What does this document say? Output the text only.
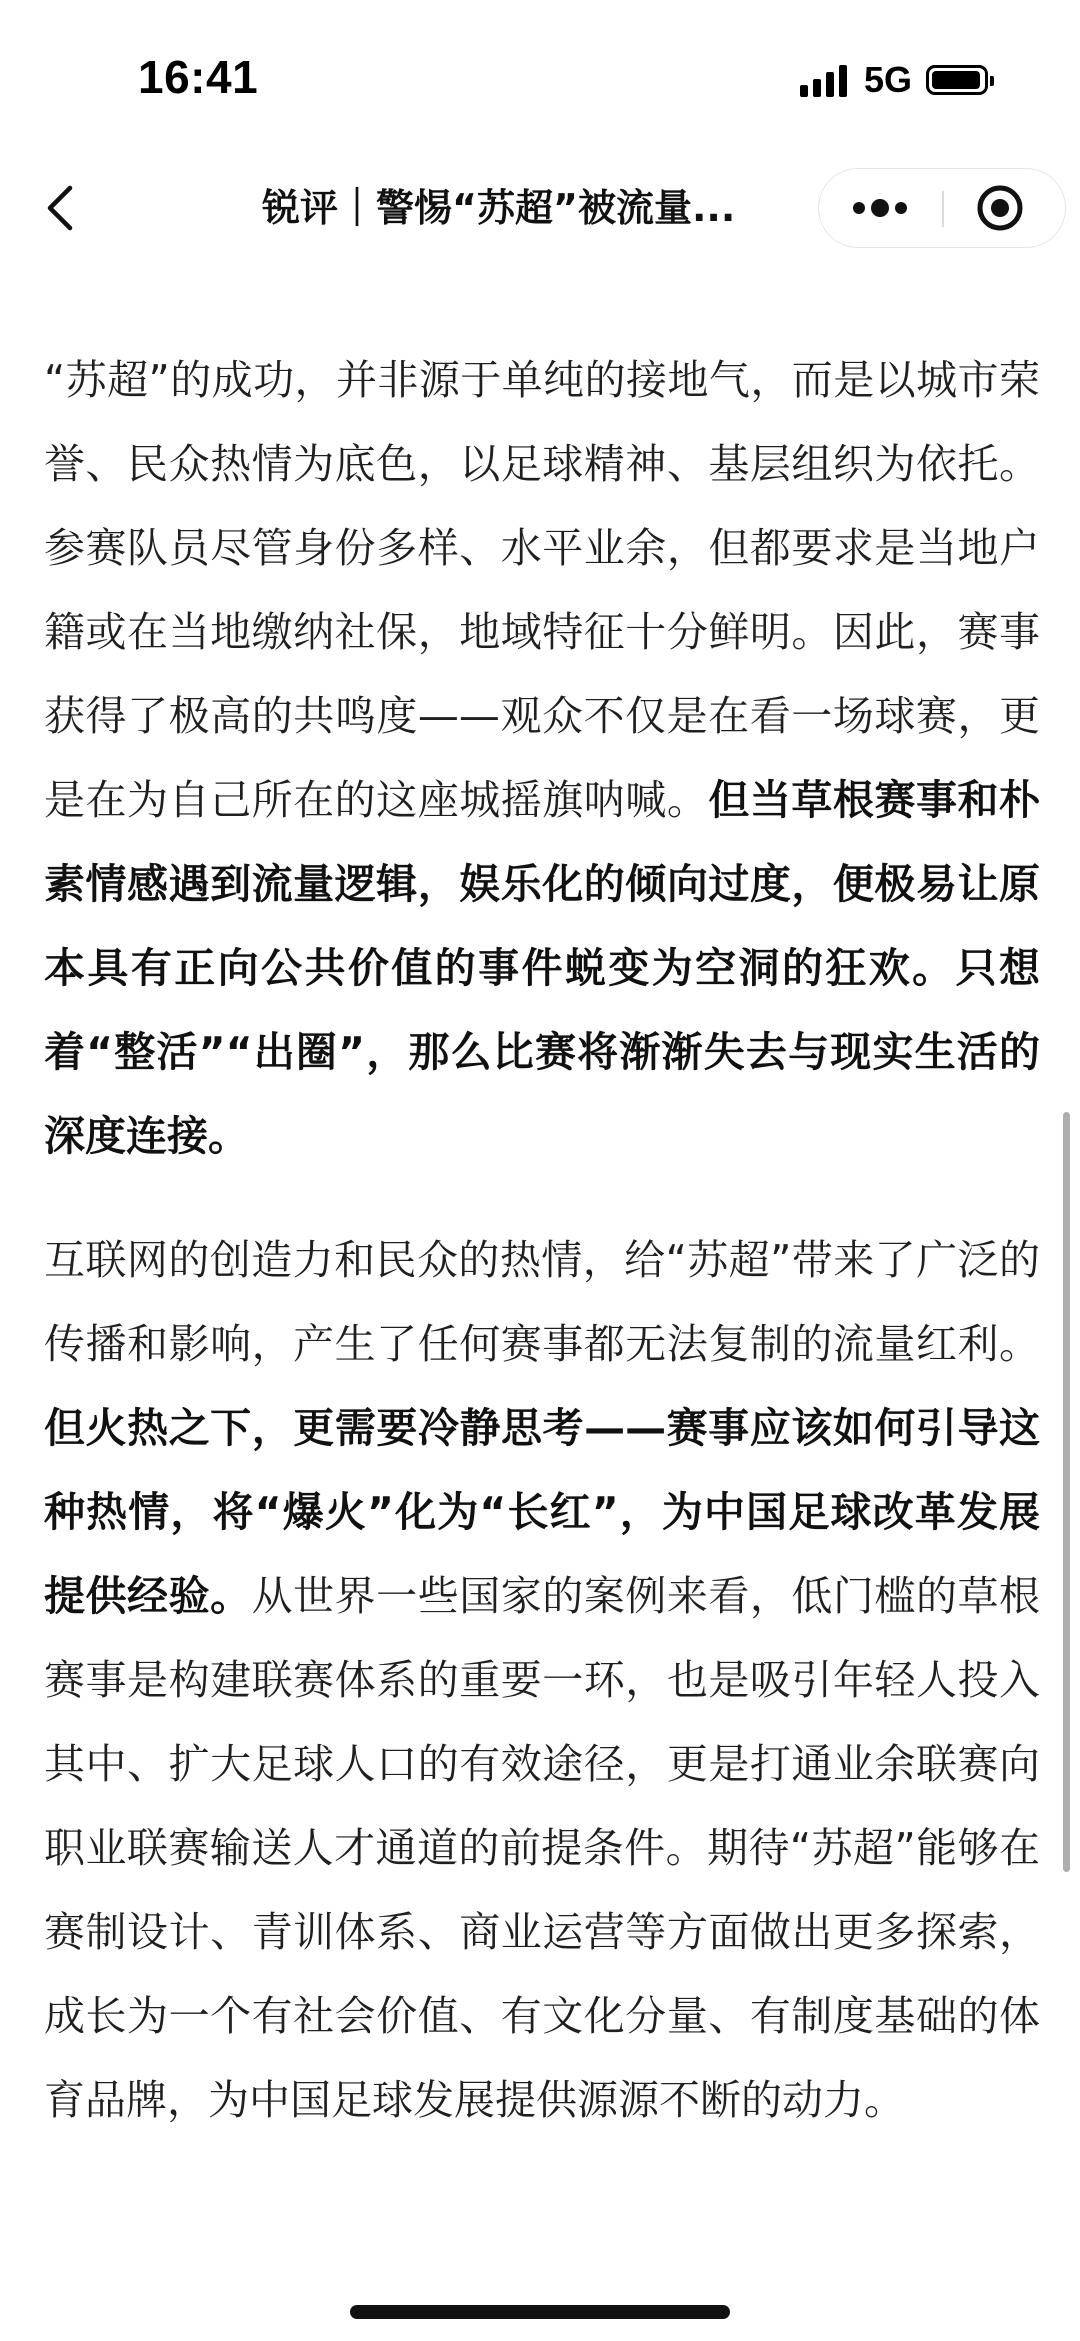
16:41	5G
锐评｜警惕“苏超”被流量...

“苏超”的成功，并非源于单纯的接地气，而是以城市荣誉、民众热情为底色，以足球精神、基层组织为依托。参赛队员尽管身份多样、水平业余，但都要求是当地户籍或在当地缴纳社保，地域特征十分鲜明。因此，赛事获得了极高的共鸣度——观众不仅是在看一场球赛，更是在为自己所在的这座城摇旗呐喊。但当草根赛事和朴素情感遇到流量逻辑，娱乐化的倾向过度，便极易让原本具有正向公共价值的事件蜕变为空洞的狂欢。只想着“整活”“出圈”，那么比赛将渐渐失去与现实生活的深度连接。

互联网的创造力和民众的热情，给“苏超”带来了广泛的传播和影响，产生了任何赛事都无法复制的流量红利。但火热之下，更需要冷静思考——赛事应该如何引导这种热情，将“爆火”化为“长红”，为中国足球改革发展提供经验。从世界一些国家的案例来看，低门槛的草根赛事是构建联赛体系的重要一环，也是吸引年轻人投入其中、扩大足球人口的有效途径，更是打通业余联赛向职业联赛输送人才通道的前提条件。期待“苏超”能够在赛制设计、青训体系、商业运营等方面做出更多探索，成长为一个有社会价值、有文化分量、有制度基础的体育品牌，为中国足球发展提供源源不断的动力。
